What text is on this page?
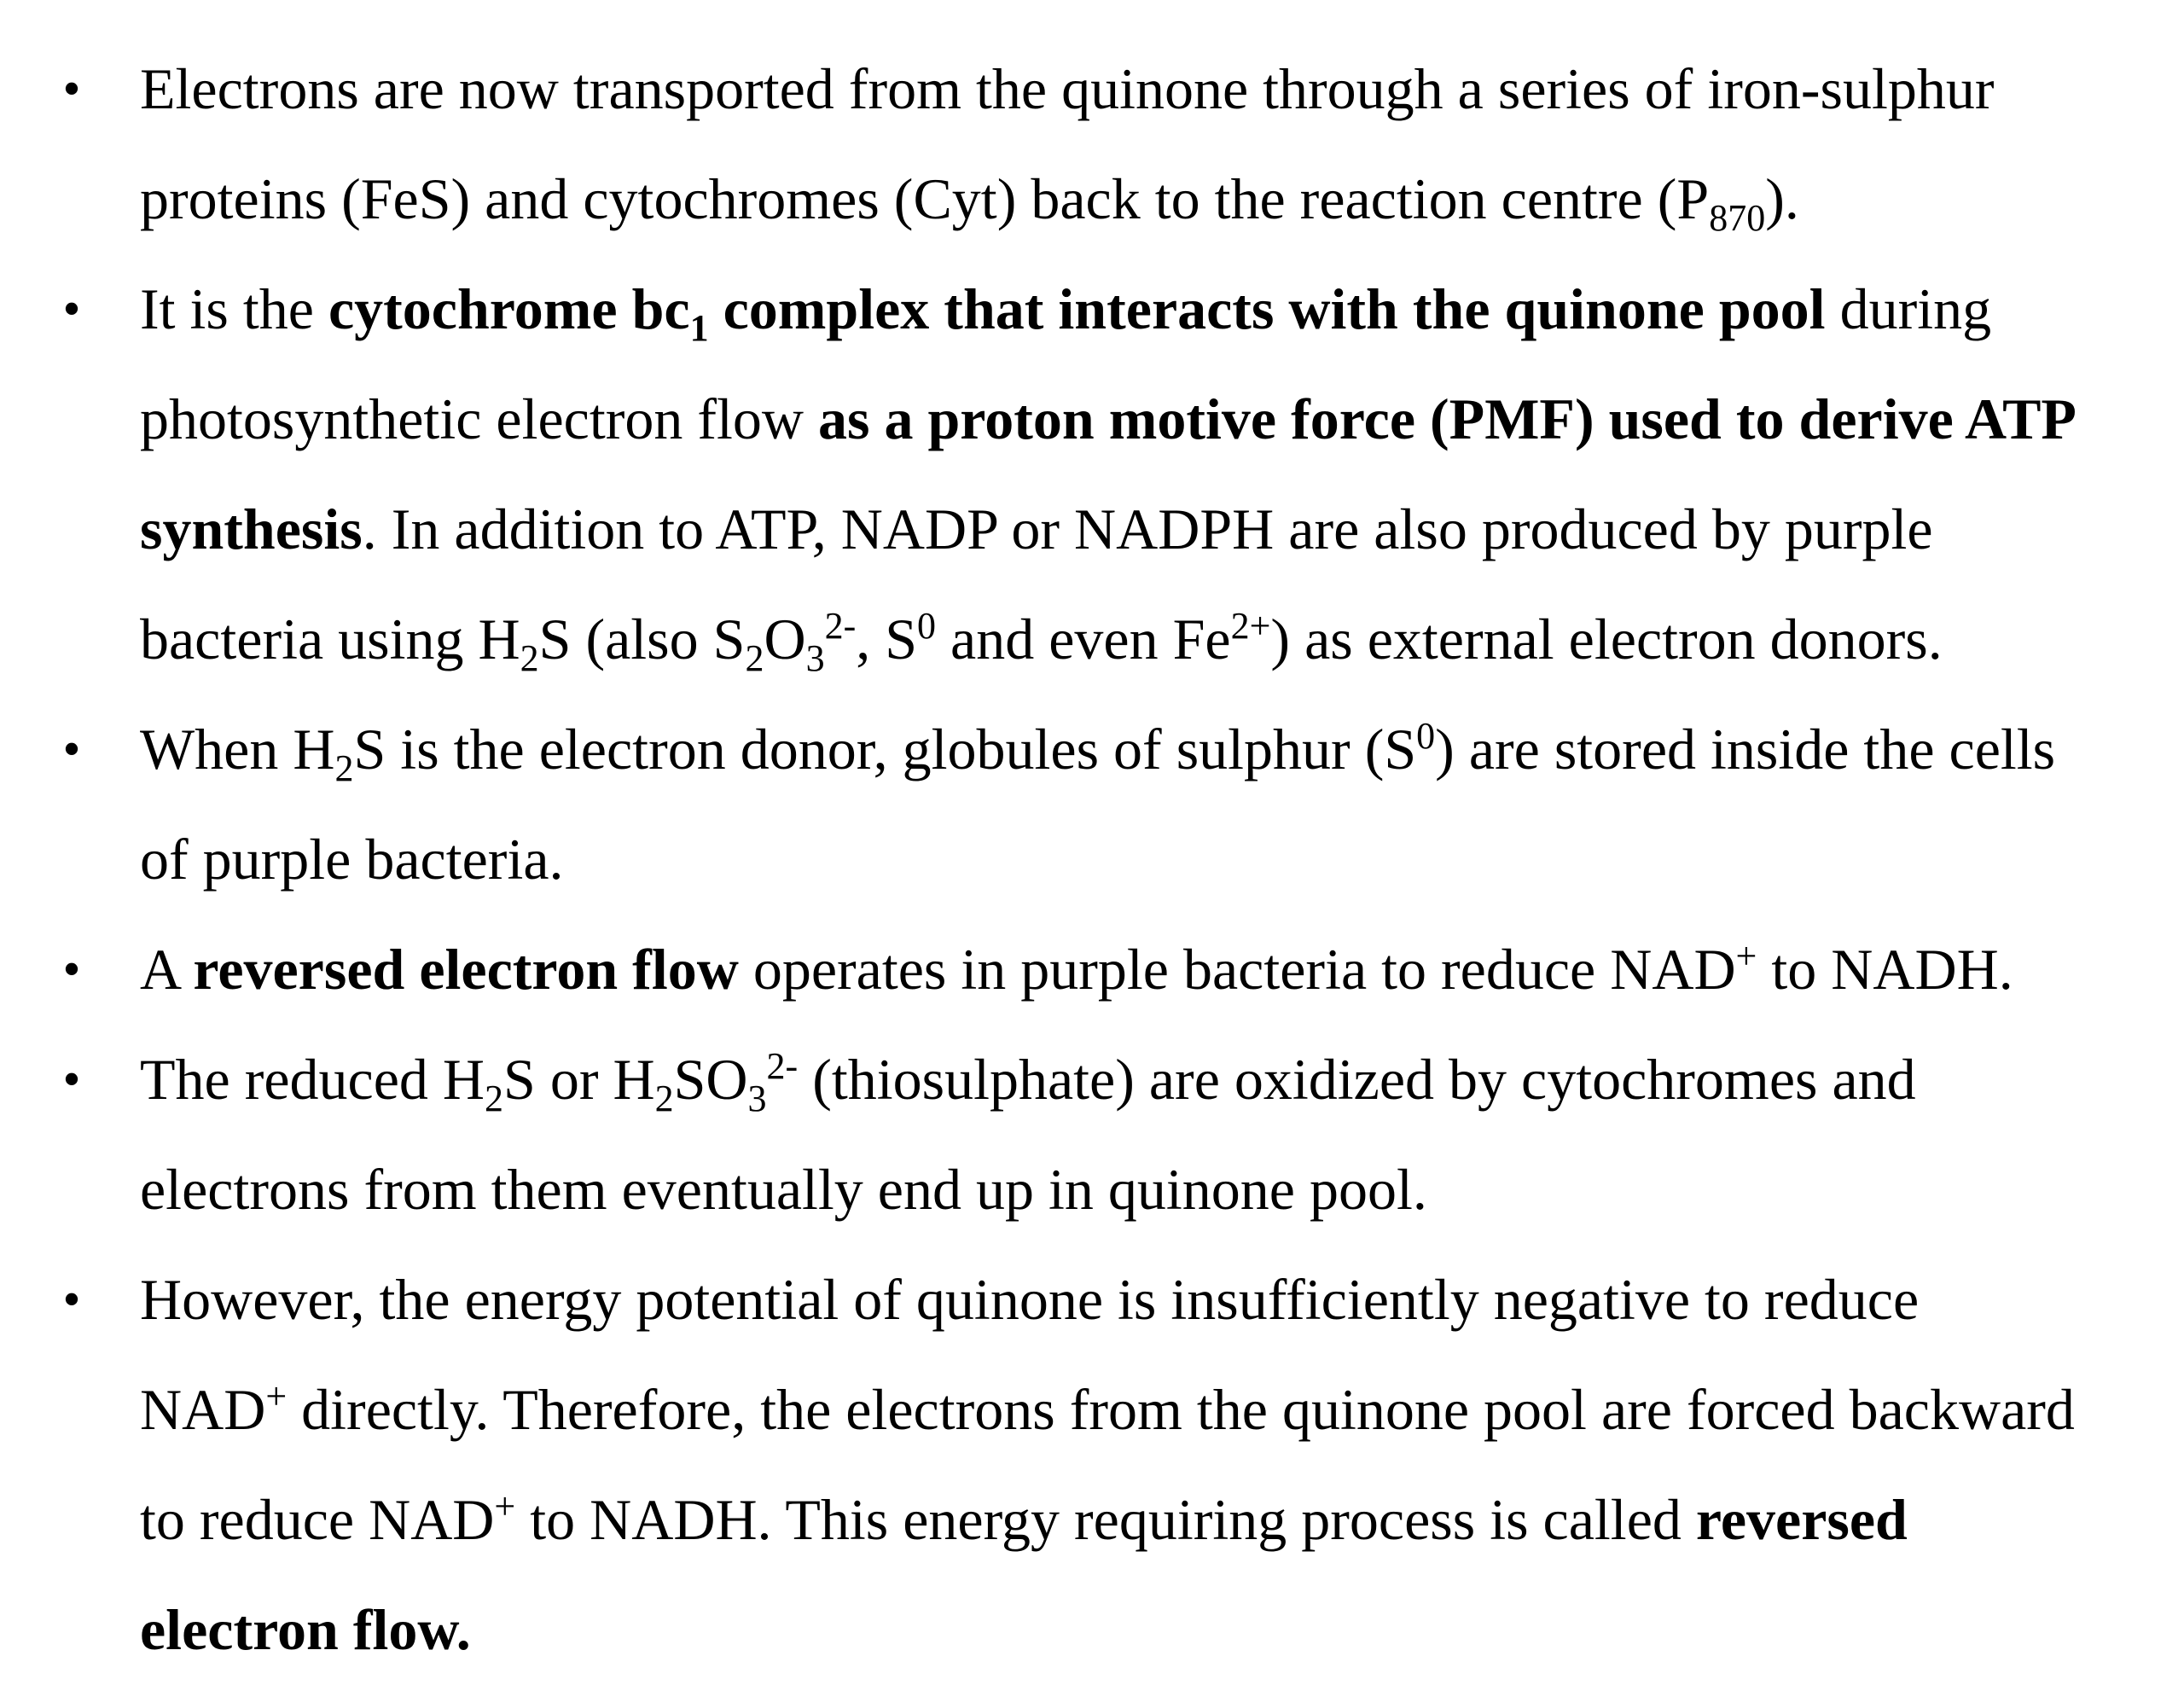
• Electrons are now transported from the quinone through a series of iron-sulphur
proteins (FeS) and cytochromes (Cyt) back to the reaction centre $(P_{870})$.
• It is the cytochrome $bc_1$ complex that interacts with the quinone pool during
photosynthetic electron flow as a proton motive force (PMF) used to derive ATP
synthesis. In addition to ATP, NADP or NADPH are also produced by purple
bacteria using $H_2S$ (also $S_2O_3^{2-}$, $S^0$ and even $Fe^{2+}$) as external electron donors.
• When $H_2S$ is the electron donor, globules of sulphur $(S^0)$ are stored inside the cells
of purple bacteria.
• A reversed electron flow operates in purple bacteria to reduce NAD+ to NADH.
• The reduced $H_2S$ or $H_2SO_3^{2-}$ (thiosulphate) are oxidized by cytochromes and
electrons from them eventually end up in quinone pool.
• However, the energy potential of quinone is insufficiently negative to reduce
NAD+ directly. Therefore, the electrons from the quinone pool are forced backward
to reduce NAD+ to NADH. This energy requiring process is called reversed
electron flow.
